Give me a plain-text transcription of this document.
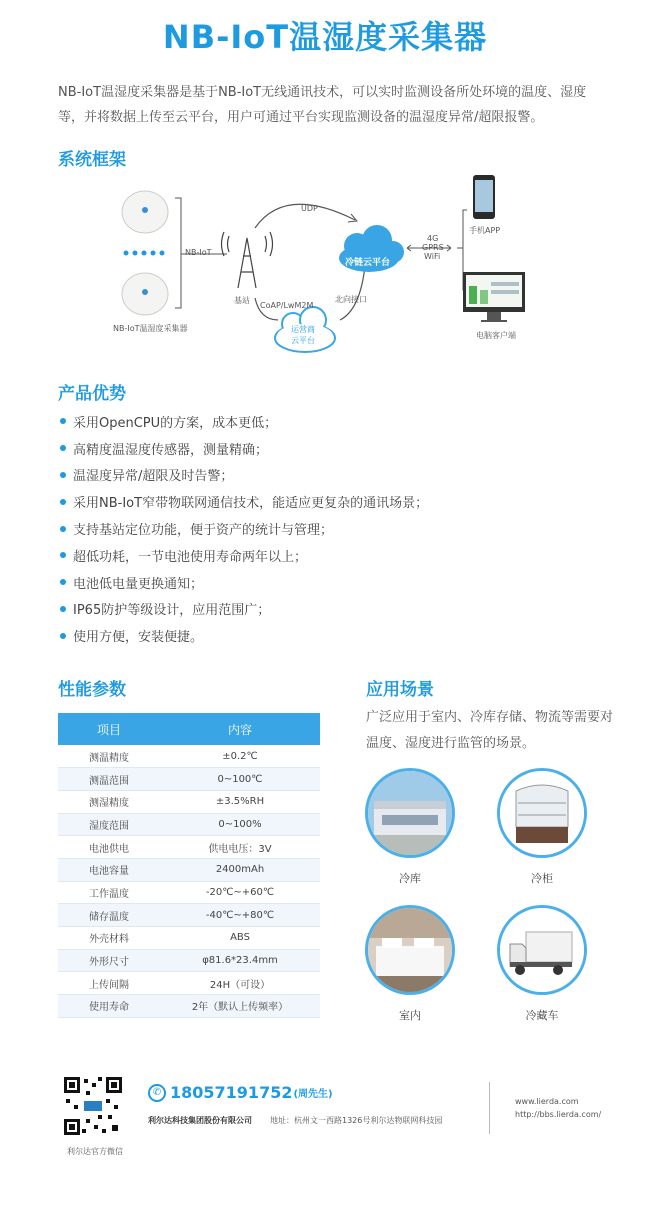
NB-IoT温湿度采集器
NB-IoT温湿度采集器是基于NB-IoT无线通讯技术，可以实时监测设备所处环境的温度、湿度等，并将数据上传至云平台，用户可通过平台实现监测设备的温湿度异常/超限报警。
系统框架
NB-IoT温湿度采集器
NB-IoT
基站
UDP
CoAP/LwM2M
北向接口
冷链云平台
运营商
云平台
4G
GPRS
WiFi
手机APP
电脑客户端
产品优势
采用OpenCPU的方案，成本更低；
高精度温湿度传感器，测量精确；
温湿度异常/超限及时告警；
采用NB-IoT窄带物联网通信技术，能适应更复杂的通讯场景；
支持基站定位功能，便于资产的统计与管理；
超低功耗，一节电池使用寿命两年以上；
电池低电量更换通知；
IP65防护等级设计，应用范围广；
使用方便，安装便捷。
性能参数
项目	内容
测温精度	±0.2℃
测温范围	0~100℃
测湿精度	±3.5%RH
湿度范围	0~100%
电池供电	供电电压：3V
电池容量	2400mAh
工作温度	-20℃~+60℃
储存温度	-40℃~+80℃
外壳材料	ABS
外形尺寸	φ81.6*23.4mm
上传间隔	24H（可设）
使用寿命	2年（默认上传频率）
应用场景
广泛应用于室内、冷库存储、物流等需要对温度、湿度进行监管的场景。
冷库	冷柜
室内	冷藏车
利尔达官方微信
✆ 18057191752 (周先生)
利尔达科技集团股份有限公司 地址：杭州文一西路1326号利尔达物联网科技园
www.lierda.com
http://bbs.lierda.com/
